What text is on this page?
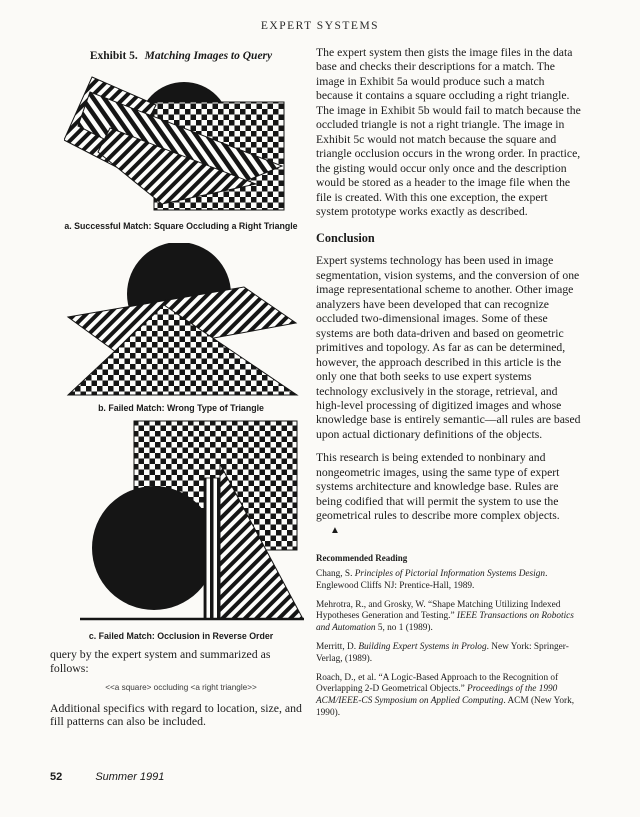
EXPERT SYSTEMS
Exhibit 5. Matching Images to Query
a. Successful Match: Square Occluding a Right Triangle
b. Failed Match: Wrong Type of Triangle
c. Failed Match: Occlusion in Reverse Order

query by the expert system and summarized as follows:

<<a square> occluding <a right triangle>>

Additional specifics with regard to location, size, and fill patterns can also be included.

The expert system then gists the image files in the data base and checks their descriptions for a match. The image in Exhibit 5a would produce such a match because it contains a square occluding a right triangle. The image in Exhibit 5b would fail to match because the occluded triangle is not a right triangle. The image in Exhibit 5c would not match because the square and triangle occlusion occurs in the wrong order. In practice, the gisting would occur only once and the description would be stored as a header to the image file when the file is created. With this one exception, the expert system prototype works exactly as described.

Conclusion

Expert systems technology has been used in image segmentation, vision systems, and the conversion of one image representational scheme to another. Other image analyzers have been developed that can recognize occluded two-dimensional images. Some of these systems are both data-driven and based on geometric primitives and topology. As far as can be determined, however, the approach described in this article is the only one that both seeks to use expert systems technology exclusively in the storage, retrieval, and high-level processing of digitized images and whose knowledge base is entirely semantic—all rules are based upon actual dictionary definitions of the objects.

This research is being extended to nonbinary and nongeometric images, using the same type of expert systems architecture and knowledge base. Rules are being codified that will permit the system to use the geometrical rules to describe more complex objects.▲

Recommended Reading

Chang, S. Principles of Pictorial Information Systems Design. Englewood Cliffs NJ: Prentice-Hall, 1989.

Mehrotra, R., and Grosky, W. “Shape Matching Utilizing Indexed Hypotheses Generation and Testing.” IEEE Transactions on Robotics and Automation 5, no 1 (1989).

Merritt, D. Building Expert Systems in Prolog. New York: Springer-Verlag, (1989).

Roach, D., et al. “A Logic-Based Approach to the Recognition of Overlapping 2-D Geometrical Objects.” Proceedings of the 1990 ACM/IEEE-CS Symposium on Applied Computing. ACM (New York, 1990).

52	Summer 1991
